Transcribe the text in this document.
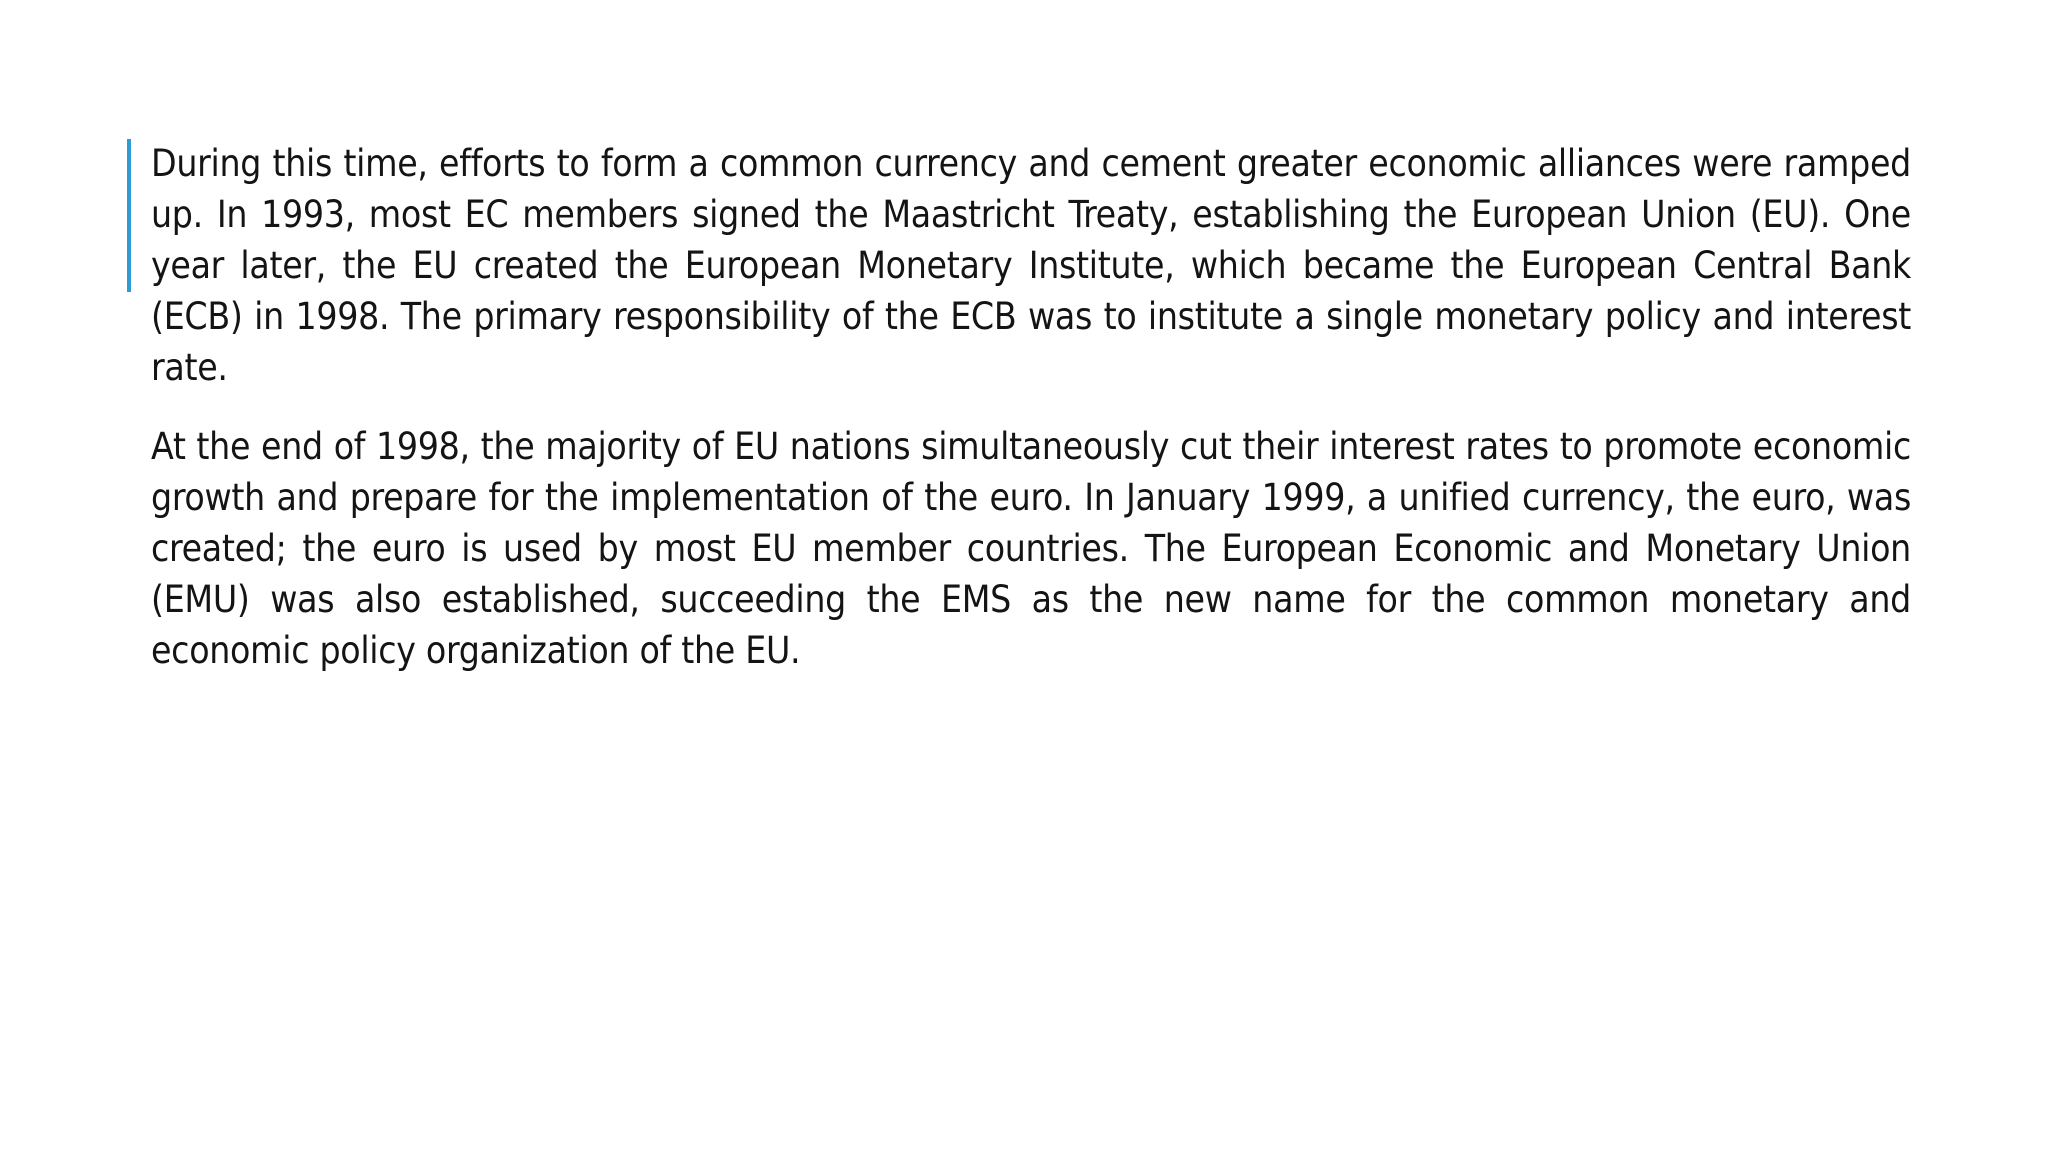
During this time, efforts to form a common currency and cement greater economic alliances were ramped up. In 1993, most EC members signed the Maastricht Treaty, establishing the European Union (EU). One year later, the EU created the European Monetary Institute, which became the European Central Bank (ECB) in 1998. The primary responsibility of the ECB was to institute a single monetary policy and interest rate.

At the end of 1998, the majority of EU nations simultaneously cut their interest rates to promote economic growth and prepare for the implementation of the euro. In January 1999, a unified currency, the euro, was created; the euro is used by most EU member countries. The European Economic and Monetary Union (EMU) was also established, succeeding the EMS as the new name for the common monetary and economic policy organization of the EU.
